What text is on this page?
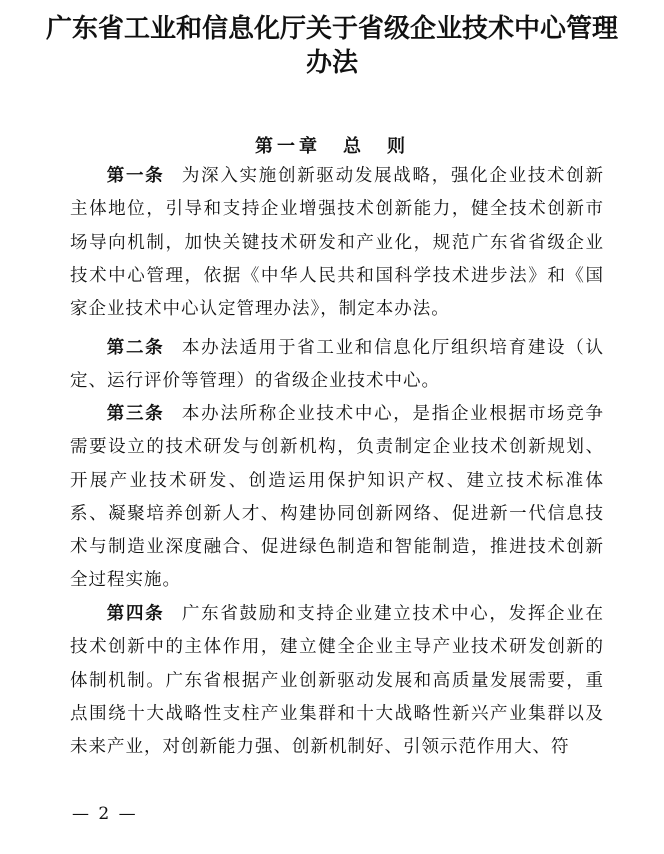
广东省工业和信息化厅关于省级企业技术中心管理办法
第一章　总　则

第一条 为深入实施创新驱动发展战略，强化企业技术创新主体地位，引导和支持企业增强技术创新能力，健全技术创新市场导向机制，加快关键技术研发和产业化，规范广东省省级企业技术中心管理，依据《中华人民共和国科学技术进步法》和《国家企业技术中心认定管理办法》，制定本办法。

第二条 本办法适用于省工业和信息化厅组织培育建设（认定、运行评价等管理）的省级企业技术中心。

第三条 本办法所称企业技术中心，是指企业根据市场竞争需要设立的技术研发与创新机构，负责制定企业技术创新规划、开展产业技术研发、创造运用保护知识产权、建立技术标准体系、凝聚培养创新人才、构建协同创新网络、促进新一代信息技术与制造业深度融合、促进绿色制造和智能制造，推进技术创新全过程实施。

第四条 广东省鼓励和支持企业建立技术中心，发挥企业在技术创新中的主体作用，建立健全企业主导产业技术研发创新的体制机制。广东省根据产业创新驱动发展和高质量发展需要，重点围绕十大战略性支柱产业集群和十大战略性新兴产业集群以及未来产业，对创新能力强、创新机制好、引领示范作用大、符

— 2 —
